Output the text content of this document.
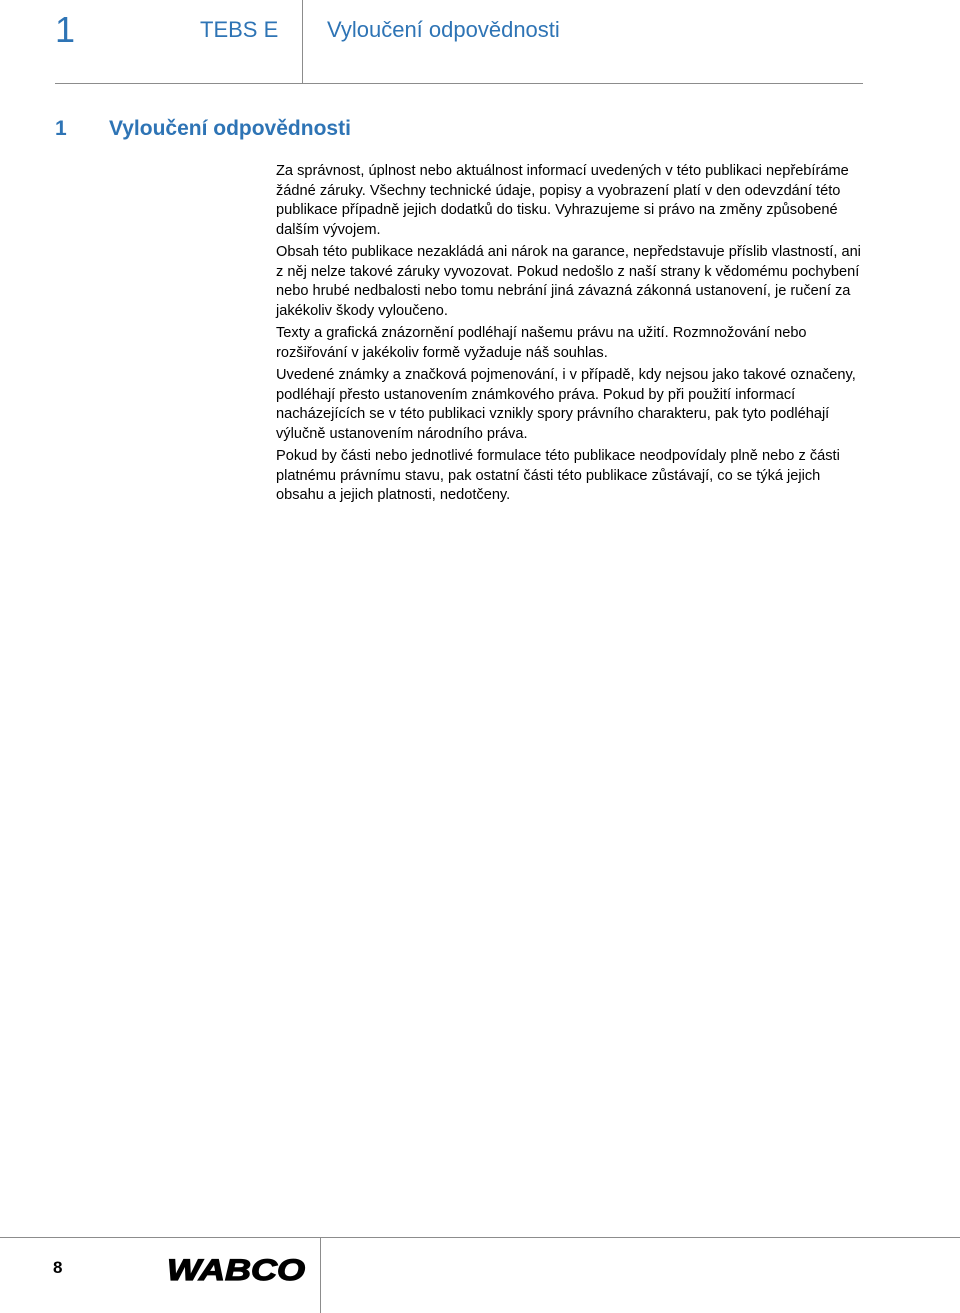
1	TEBS E Vyloučení odpovědnosti
1 Vyloučení odpovědnosti

Za správnost, úplnost nebo aktuálnost informací uvedených v této publikaci nepřebíráme žádné záruky. Všechny technické údaje, popisy a vyobrazení platí v den odevzdání této publikace případně jejich dodatků do tisku. Vyhrazujeme si právo na změny způsobené dalším vývojem.

Obsah této publikace nezakládá ani nárok na garance, nepředstavuje příslib vlastností, ani z něj nelze takové záruky vyvozovat. Pokud nedošlo z naší strany k vědomému pochybení nebo hrubé nedbalosti nebo tomu nebrání jiná závazná zákonná ustanovení, je ručení za jakékoliv škody vyloučeno.

Texty a grafická znázornění podléhají našemu právu na užití. Rozmnožování nebo rozšiřování v jakékoliv formě vyžaduje náš souhlas.

Uvedené známky a značková pojmenování, i v případě, kdy nejsou jako takové označeny, podléhají přesto ustanovením známkového práva. Pokud by při použití informací nacházejících se v této publikaci vznikly spory právního charakteru, pak tyto podléhají výlučně ustanovením národního práva.

Pokud by části nebo jednotlivé formulace této publikace neodpovídaly plně nebo z části platnému právnímu stavu, pak ostatní části této publikace zůstávají, co se týká jejich obsahu a jejich platnosti, nedotčeny.

8	WABCO
